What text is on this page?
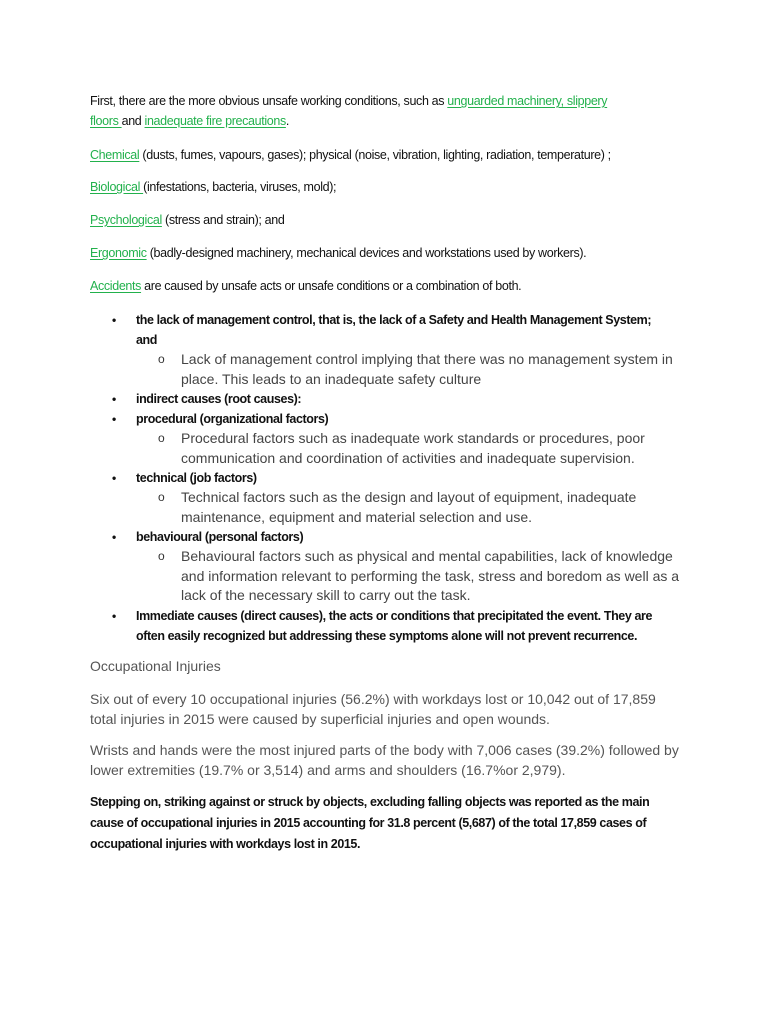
First, there are the more obvious unsafe working conditions, such as unguarded machinery, slippery

floors and inadequate fire precautions.

Chemical (dusts, fumes, vapours, gases); physical (noise, vibration, lighting, radiation, temperature) ;

Biological (infestations, bacteria, viruses, mold);

Psychological (stress and strain); and

Ergonomic (badly-designed machinery, mechanical devices and workstations used by workers).

Accidents are caused by unsafe acts or unsafe conditions or a combination of both.

• the lack of management control, that is, the lack of a Safety and Health Management System; and

o Lack of management control implying that there was no management system in place. This leads to an inadequate safety culture

• indirect causes (root causes):

• procedural (organizational factors)

o Procedural factors such as inadequate work standards or procedures, poor communication and coordination of activities and inadequate supervision.

• technical (job factors)

o Technical factors such as the design and layout of equipment, inadequate maintenance, equipment and material selection and use.

• behavioural (personal factors)

o Behavioural factors such as physical and mental capabilities, lack of knowledge and information relevant to performing the task, stress and boredom as well as a lack of the necessary skill to carry out the task.

• Immediate causes (direct causes), the acts or conditions that precipitated the event. They are often easily recognized but addressing these symptoms alone will not prevent recurrence.

Occupational Injuries

Six out of every 10 occupational injuries (56.2%) with workdays lost or 10,042 out of 17,859 total injuries in 2015 were caused by superficial injuries and open wounds.

Wrists and hands were the most injured parts of the body with 7,006 cases (39.2%) followed by lower extremities (19.7% or 3,514) and arms and shoulders (16.7%or 2,979).

Stepping on, striking against or struck by objects, excluding falling objects was reported as the main cause of occupational injuries in 2015 accounting for 31.8 percent (5,687) of the total 17,859 cases of occupational injuries with workdays lost in 2015.
